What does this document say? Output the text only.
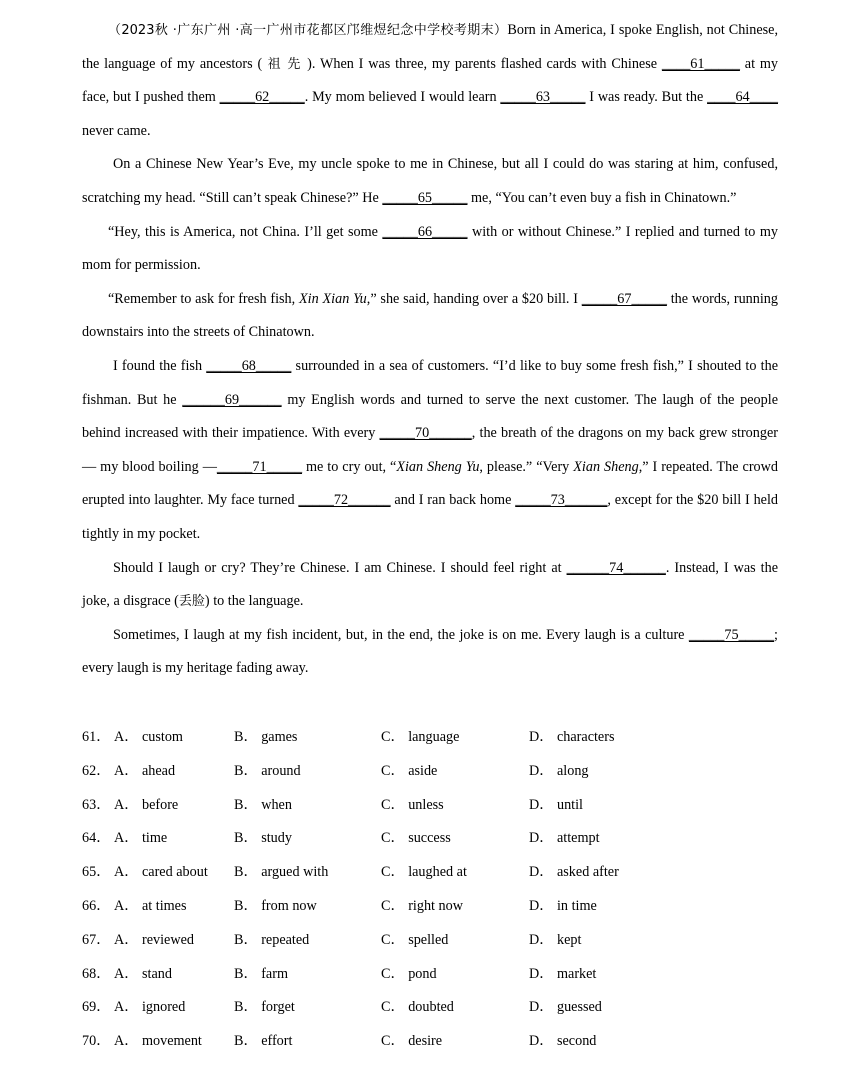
（2023秋 ·广东广州 ·高一广州市花都区邝维煜纪念中学校考期末）Born in America, I spoke English, not Chinese, the language of my ancestors ( 祖 先 ). When I was three, my parents flashed cards with Chinese ____61_____ at my face, but I pushed them _____62_____. My mom believed I would learn _____63_____ I was ready. But the ____64____ never came.

On a Chinese New Year’s Eve, my uncle spoke to me in Chinese, but all I could do was staring at him, confused, scratching my head. “Still can’t speak Chinese?” He _____65_____ me, “You can’t even buy a fish in Chinatown.”

“Hey, this is America, not China. I’ll get some _____66_____ with or without Chinese.” I replied and turned to my mom for permission.

“Remember to ask for fresh fish, Xin Xian Yu,” she said, handing over a $20 bill. I _____67_____ the words, running downstairs into the streets of Chinatown.

I found the fish _____68_____ surrounded in a sea of customers. “I’d like to buy some fresh fish,” I shouted to the fishman. But he ______69______ my English words and turned to serve the next customer. The laugh of the people behind increased with their impatience. With every _____70______, the breath of the dragons on my back grew stronger — my blood boiling —_____71_____ me to cry out, “Xian Sheng Yu, please.” “Very Xian Sheng,” I repeated. The crowd erupted into laughter. My face turned _____72______ and I ran back home _____73______, except for the $20 bill I held tightly in my pocket.

Should I laugh or cry? They’re Chinese. I am Chinese. I should feel right at ______74______. Instead, I was the joke, a disgrace (丢脸) to the language.

Sometimes, I laugh at my fish incident, but, in the end, the joke is on me. Every laugh is a culture _____75_____; every laugh is my heritage fading away.

61． A． custom	B． games	C． language	D． characters
62． A． ahead	B． around	C． aside	D． along
63． A． before	B． when	C． unless	D． until
64． A． time	B． study	C． success	D． attempt
65． A． cared about B． argued with	C． laughed at	D． asked after
66． A． at times	B． from now	C． right now	D． in time
67． A． reviewed	B． repeated	C． spelled	D． kept
68． A． stand	B． farm	C． pond	D． market
69． A． ignored	B． forget	C． doubted	D． guessed
70． A． movement B． effort	C． desire	D． second
